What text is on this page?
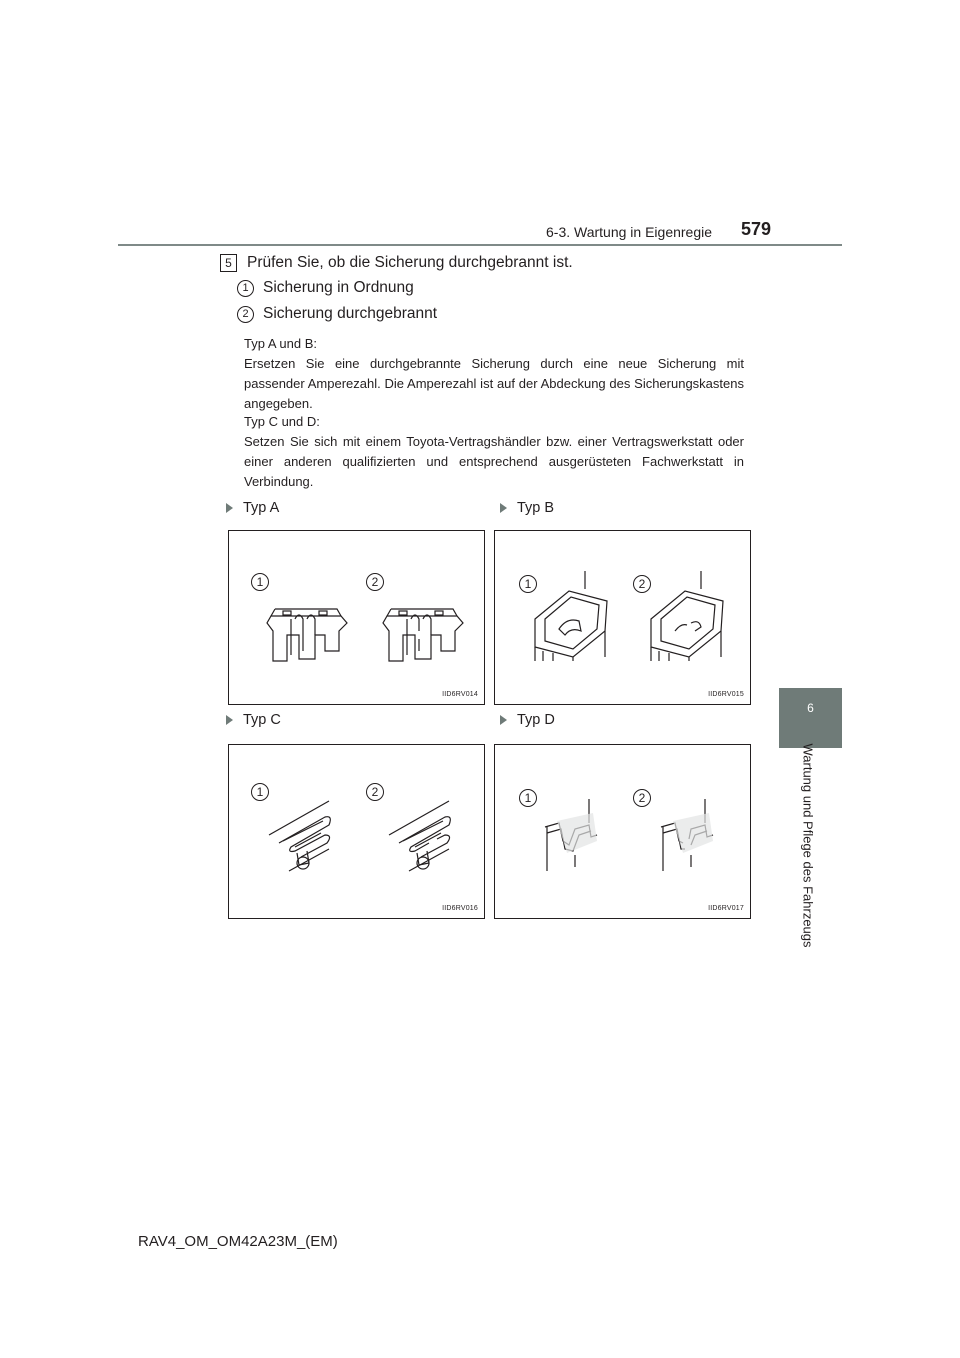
6-3. Wartung in Eigenregie 579
6
Wartung und Pflege des Fahrzeugs
5 Prüfen Sie, ob die Sicherung durchgebrannt ist.
1 Sicherung in Ordnung
2 Sicherung durchgebrannt

Typ A und B:

Ersetzen Sie eine durchgebrannte Sicherung durch eine neue Sicherung mit passender Amperezahl. Die Amperezahl ist auf der Abdeckung des Sicherungskastens angegeben.

Typ C und D:

Setzen Sie sich mit einem Toyota-Vertragshändler bzw. einer Vertragswerkstatt oder einer anderen qualifizierten und entsprechend ausgerüsteten Fachwerkstatt in Verbindung.

Typ A	Typ B
Typ C	Typ D
1	2
IID6RV014
1	2
IID6RV015
1	2
IID6RV016
1	2
IID6RV017
RAV4_OM_OM42A23M_(EM)
